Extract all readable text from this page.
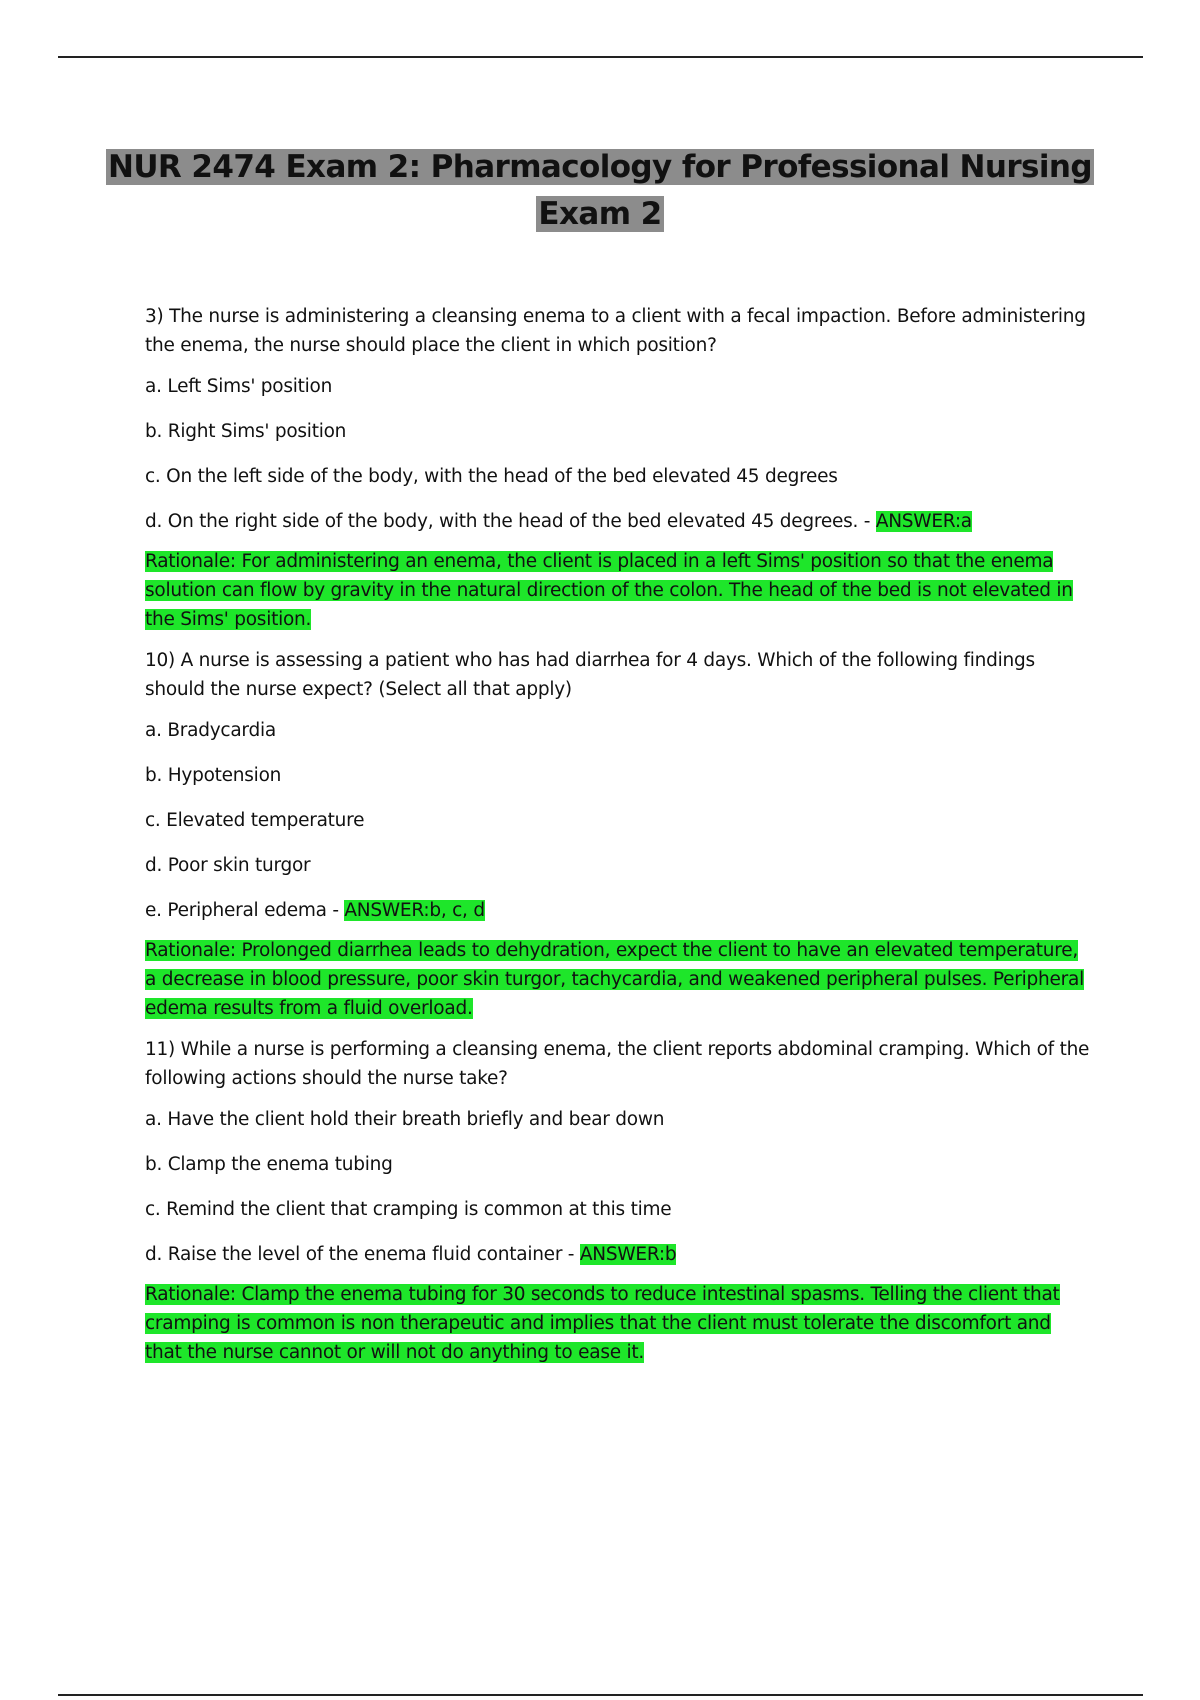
NUR 2474 Exam 2: Pharmacology for Professional Nursing
Exam 2
3) The nurse is administering a cleansing enema to a client with a fecal impaction. Before administering the enema, the nurse should place the client in which position?
a. Left Sims' position
b. Right Sims' position
c. On the left side of the body, with the head of the bed elevated 45 degrees
d. On the right side of the body, with the head of the bed elevated 45 degrees. - ANSWER:a
Rationale: For administering an enema, the client is placed in a left Sims' position so that the enema solution can flow by gravity in the natural direction of the colon. The head of the bed is not elevated in the Sims' position.
10) A nurse is assessing a patient who has had diarrhea for 4 days. Which of the following findings should the nurse expect? (Select all that apply)
a. Bradycardia
b. Hypotension
c. Elevated temperature
d. Poor skin turgor
e. Peripheral edema - ANSWER:b, c, d
Rationale: Prolonged diarrhea leads to dehydration, expect the client to have an elevated temperature, a decrease in blood pressure, poor skin turgor, tachycardia, and weakened peripheral pulses. Peripheral edema results from a fluid overload.
11) While a nurse is performing a cleansing enema, the client reports abdominal cramping. Which of the following actions should the nurse take?
a. Have the client hold their breath briefly and bear down
b. Clamp the enema tubing
c. Remind the client that cramping is common at this time
d. Raise the level of the enema fluid container - ANSWER:b
Rationale: Clamp the enema tubing for 30 seconds to reduce intestinal spasms. Telling the client that cramping is common is non therapeutic and implies that the client must tolerate the discomfort and that the nurse cannot or will not do anything to ease it.
